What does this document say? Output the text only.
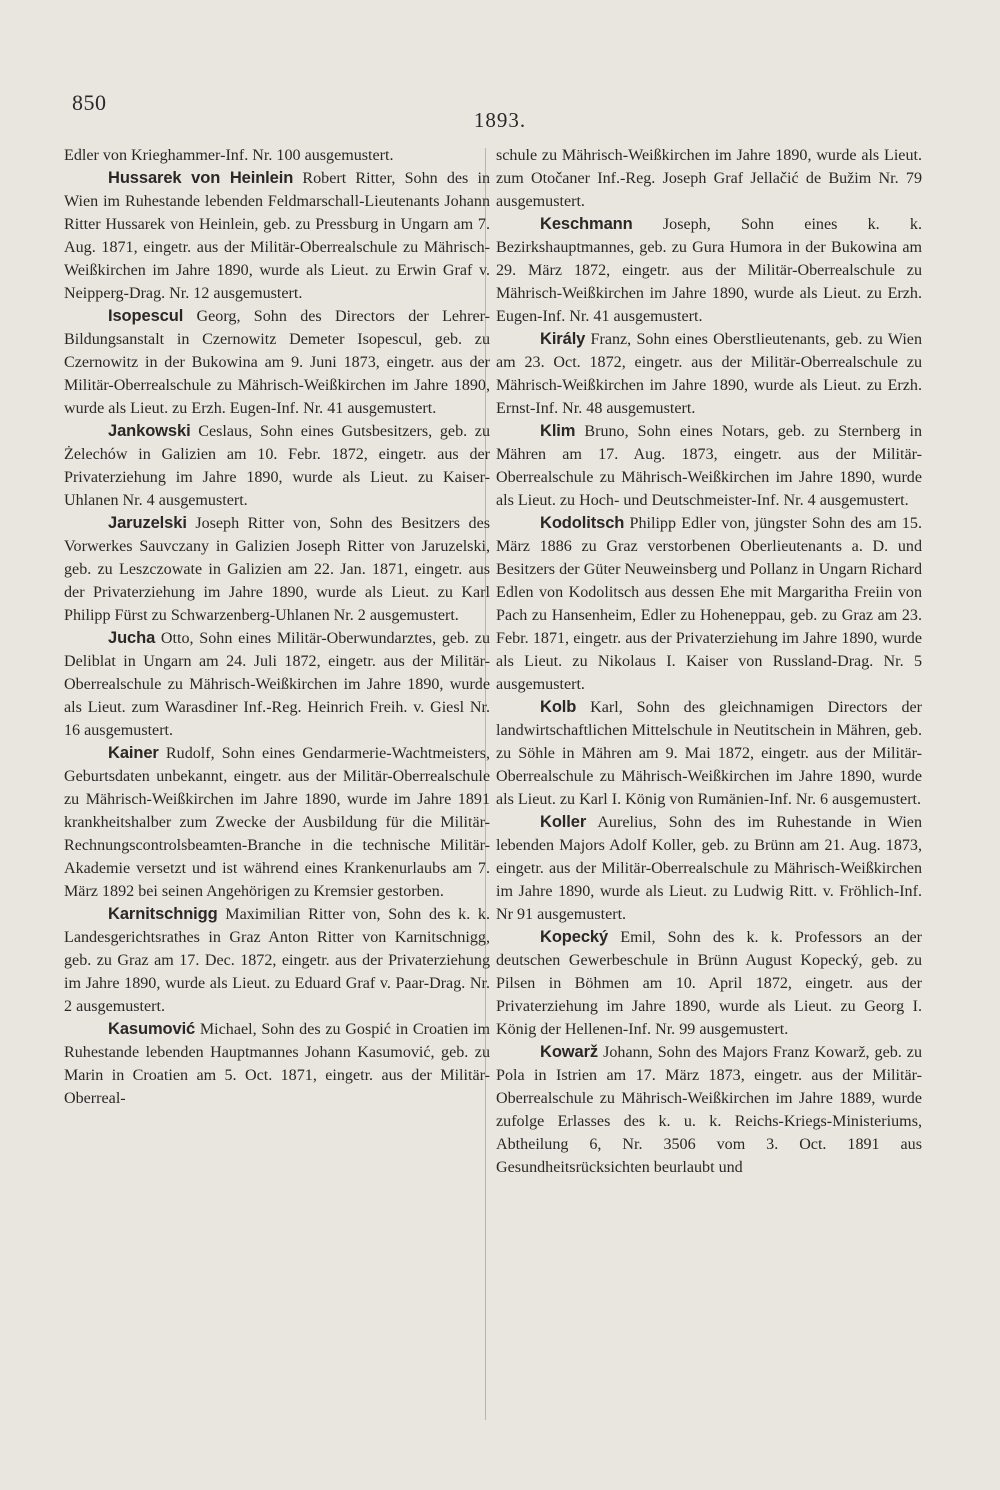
850
1893.

Edler von Krieghammer-Inf. Nr. 100 ausgemustert.

Hussarek von Heinlein Robert Ritter, Sohn des in Wien im Ruhestande lebenden Feldmarschall-Lieutenants Johann Ritter Hussarek von Heinlein, geb. zu Pressburg in Ungarn am 7. Aug. 1871, eingetr. aus der Militär-Oberrealschule zu Mährisch-Weißkirchen im Jahre 1890, wurde als Lieut. zu Erwin Graf v. Neipperg-Drag. Nr. 12 ausgemustert.

Isopescul Georg, Sohn des Directors der Lehrer-Bildungsanstalt in Czernowitz Demeter Isopescul, geb. zu Czernowitz in der Bukowina am 9. Juni 1873, eingetr. aus der Militär-Oberrealschule zu Mährisch-Weißkirchen im Jahre 1890, wurde als Lieut. zu Erzh. Eugen-Inf. Nr. 41 ausgemustert.

Jankowski Ceslaus, Sohn eines Gutsbesitzers, geb. zu Żelechów in Galizien am 10. Febr. 1872, eingetr. aus der Privaterziehung im Jahre 1890, wurde als Lieut. zu Kaiser-Uhlanen Nr. 4 ausgemustert.

Jaruzelski Joseph Ritter von, Sohn des Besitzers des Vorwerkes Sauvczany in Galizien Joseph Ritter von Jaruzelski, geb. zu Leszczowate in Galizien am 22. Jan. 1871, eingetr. aus der Privaterziehung im Jahre 1890, wurde als Lieut. zu Karl Philipp Fürst zu Schwarzenberg-Uhlanen Nr. 2 ausgemustert.

Jucha Otto, Sohn eines Militär-Oberwundarztes, geb. zu Deliblat in Ungarn am 24. Juli 1872, eingetr. aus der Militär-Oberrealschule zu Mährisch-Weißkirchen im Jahre 1890, wurde als Lieut. zum Warasdiner Inf.-Reg. Heinrich Freih. v. Giesl Nr. 16 ausgemustert.

Kainer Rudolf, Sohn eines Gendarmerie-Wachtmeisters, Geburtsdaten unbekannt, eingetr. aus der Militär-Oberrealschule zu Mährisch-Weißkirchen im Jahre 1890, wurde im Jahre 1891 krankheitshalber zum Zwecke der Ausbildung für die Militär-Rechnungscontrolsbeamten-Branche in die technische Militär-Akademie versetzt und ist während eines Krankenurlaubs am 7. März 1892 bei seinen Angehörigen zu Kremsier gestorben.

Karnitschnigg Maximilian Ritter von, Sohn des k. k. Landesgerichtsrathes in Graz Anton Ritter von Karnitschnigg, geb. zu Graz am 17. Dec. 1872, eingetr. aus der Privaterziehung im Jahre 1890, wurde als Lieut. zu Eduard Graf v. Paar-Drag. Nr. 2 ausgemustert.

Kasumović Michael, Sohn des zu Gospić in Croatien im Ruhestande lebenden Hauptmannes Johann Kasumović, geb. zu Marin in Croatien am 5. Oct. 1871, eingetr. aus der Militär-Oberreal-

schule zu Mährisch-Weißkirchen im Jahre 1890, wurde als Lieut. zum Otočaner Inf.-Reg. Joseph Graf Jellačić de Bužim Nr. 79 ausgemustert.

Keschmann Joseph, Sohn eines k. k. Bezirkshauptmannes, geb. zu Gura Humora in der Bukowina am 29. März 1872, eingetr. aus der Militär-Oberrealschule zu Mährisch-Weißkirchen im Jahre 1890, wurde als Lieut. zu Erzh. Eugen-Inf. Nr. 41 ausgemustert.

Király Franz, Sohn eines Oberstlieutenants, geb. zu Wien am 23. Oct. 1872, eingetr. aus der Militär-Oberrealschule zu Mährisch-Weißkirchen im Jahre 1890, wurde als Lieut. zu Erzh. Ernst-Inf. Nr. 48 ausgemustert.

Klim Bruno, Sohn eines Notars, geb. zu Sternberg in Mähren am 17. Aug. 1873, eingetr. aus der Militär-Oberrealschule zu Mährisch-Weißkirchen im Jahre 1890, wurde als Lieut. zu Hoch- und Deutschmeister-Inf. Nr. 4 ausgemustert.

Kodolitsch Philipp Edler von, jüngster Sohn des am 15. März 1886 zu Graz verstorbenen Oberlieutenants a. D. und Besitzers der Güter Neuweinsberg und Pollanz in Ungarn Richard Edlen von Kodolitsch aus dessen Ehe mit Margaritha Freiin von Pach zu Hansenheim, Edler zu Hoheneppau, geb. zu Graz am 23. Febr. 1871, eingetr. aus der Privaterziehung im Jahre 1890, wurde als Lieut. zu Nikolaus I. Kaiser von Russland-Drag. Nr. 5 ausgemustert.

Kolb Karl, Sohn des gleichnamigen Directors der landwirtschaftlichen Mittelschule in Neutitschein in Mähren, geb. zu Söhle in Mähren am 9. Mai 1872, eingetr. aus der Militär-Oberrealschule zu Mährisch-Weißkirchen im Jahre 1890, wurde als Lieut. zu Karl I. König von Rumänien-Inf. Nr. 6 ausgemustert.

Koller Aurelius, Sohn des im Ruhestande in Wien lebenden Majors Adolf Koller, geb. zu Brünn am 21. Aug. 1873, eingetr. aus der Militär-Oberrealschule zu Mährisch-Weißkirchen im Jahre 1890, wurde als Lieut. zu Ludwig Ritt. v. Fröhlich-Inf. Nr 91 ausgemustert.

Kopecký Emil, Sohn des k. k. Professors an der deutschen Gewerbeschule in Brünn August Kopecký, geb. zu Pilsen in Böhmen am 10. April 1872, eingetr. aus der Privaterziehung im Jahre 1890, wurde als Lieut. zu Georg I. König der Hellenen-Inf. Nr. 99 ausgemustert.

Kowarž Johann, Sohn des Majors Franz Kowarž, geb. zu Pola in Istrien am 17. März 1873, eingetr. aus der Militär-Oberrealschule zu Mährisch-Weißkirchen im Jahre 1889, wurde zufolge Erlasses des k. u. k. Reichs-Kriegs-Ministeriums, Abtheilung 6, Nr. 3506 vom 3. Oct. 1891 aus Gesundheitsrücksichten beurlaubt und
